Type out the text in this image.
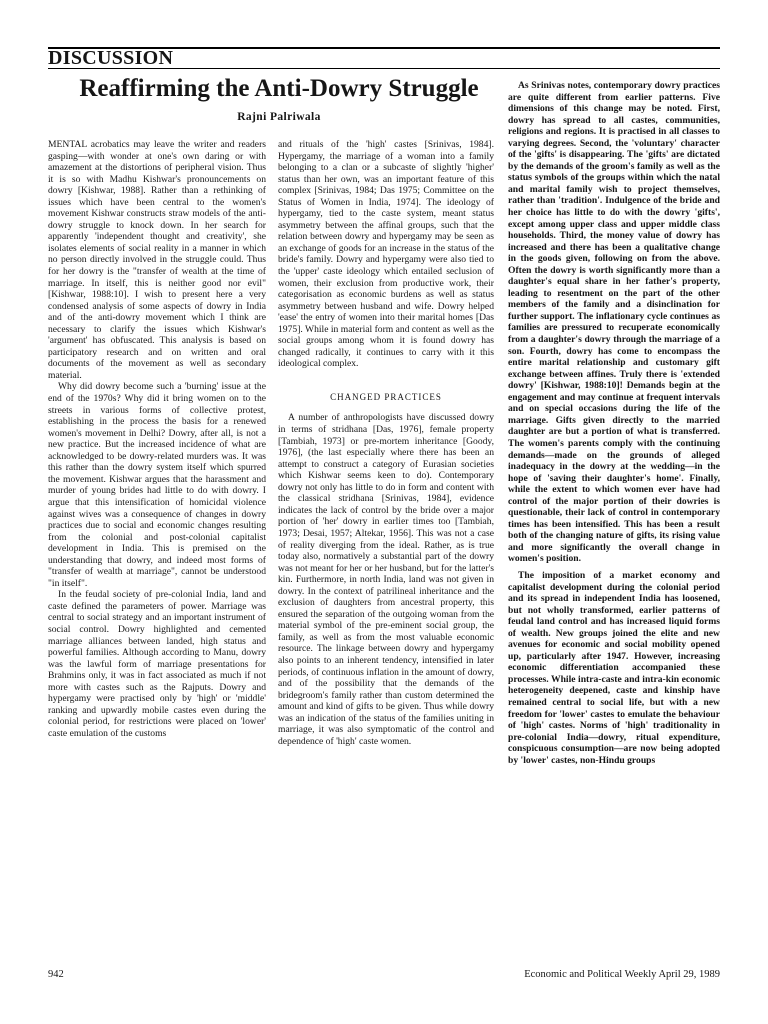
DISCUSSION
Reaffirming the Anti-Dowry Struggle
Rajni Palriwala

MENTAL acrobatics may leave the writer and readers gasping—with wonder at one's own daring or with amazement at the distortions of peripheral vision. Thus it is so with Madhu Kishwar's pronouncements on dowry [Kishwar, 1988]. Rather than a rethinking of issues which have been central to the women's movement Kishwar constructs straw models of the anti-dowry struggle to knock down. In her search for apparently 'independent thought and creativity', she isolates elements of social reality in a manner in which no person directly involved in the struggle could. Thus for her dowry is the "transfer of wealth at the time of marriage. In itself, this is neither good nor evil" [Kishwar, 1988:10]. I wish to present here a very condensed analysis of some aspects of dowry in India and of the anti-dowry movement which I think are necessary to clarify the issues which Kishwar's 'argument' has obfuscated. This analysis is based on participatory research and on written and oral documents of the movement as well as secondary material.

Why did dowry become such a 'burning' issue at the end of the 1970s? Why did it bring women on to the streets in various forms of collective protest, establishing in the process the basis for a renewed women's movement in Delhi? Dowry, after all, is not a new practice. But the increased incidence of what are acknowledged to be dowry-related murders was. It was this rather than the dowry system itself which spurred the movement. Kishwar argues that the harassment and murder of young brides had little to do with dowry. I argue that this intensification of homicidal violence against wives was a consequence of changes in dowry practices due to social and economic changes resulting from the colonial and post-colonial capitalist development in India. This is premised on the understanding that dowry, and indeed most forms of "transfer of wealth at marriage", cannot be understood "in itself".

In the feudal society of pre-colonial India, land and caste defined the parameters of power. Marriage was central to social strategy and an important instrument of social control. Dowry highlighted and cemented marriage alliances between landed, high status and powerful families. Although according to Manu, dowry was the lawful form of marriage presentations for Brahmins only, it was in fact associated as much if not more with castes such as the Rajputs. Dowry and hypergamy were practised only by 'high' or 'middle' ranking and upwardly mobile castes even during the colonial period, for restrictions were placed on 'lower' caste emulation of the customs

and rituals of the 'high' castes [Srinivas, 1984]. Hypergamy, the marriage of a woman into a family belonging to a clan or a subcaste of slightly 'higher' status than her own, was an important feature of this complex [Srinivas, 1984; Das 1975; Committee on the Status of Women in India, 1974]. The ideology of hypergamy, tied to the caste system, meant status asymmetry between the affinal groups, such that the relation between dowry and hypergamy may be seen as an exchange of goods for an increase in the status of the bride's family. Dowry and hypergamy were also tied to the 'upper' caste ideology which entailed seclusion of women, their exclusion from productive work, their categorisation as economic burdens as well as status asymmetry between husband and wife. Dowry helped 'ease' the entry of women into their marital homes [Das 1975]. While in material form and content as well as the social groups among whom it is found dowry has changed radically, it continues to carry with it this ideological complex.

CHANGED PRACTICES

A number of anthropologists have discussed dowry in terms of stridhana [Das, 1976], female property [Tambiah, 1973] or pre-mortem inheritance [Goody, 1976], (the last especially where there has been an attempt to construct a category of Eurasian societies which Kishwar seems keen to do). Contemporary dowry not only has little to do in form and content with the classical stridhana [Srinivas, 1984], evidence indicates the lack of control by the bride over a major portion of 'her' dowry in earlier times too [Tambiah, 1973; Desai, 1957; Altekar, 1956]. This was not a case of reality diverging from the ideal. Rather, as is true today also, normatively a substantial part of the dowry was not meant for her or her husband, but for the latter's kin. Furthermore, in north India, land was not given in dowry. In the context of patrilineal inheritance and the exclusion of daughters from ancestral property, this ensured the separation of the outgoing woman from the material symbol of the pre-eminent social group, the family, as well as from the most valuable economic resource. The linkage between dowry and hypergamy also points to an inherent tendency, intensified in later periods, of continuous inflation in the amount of dowry, and of the possibility that the demands of the bridegroom's family rather than custom determined the amount and kind of gifts to be given. Thus while dowry was an indication of the status of the families uniting in marriage, it was also symptomatic of the control and dependence of 'high' caste women.

As Srinivas notes, contemporary dowry practices are quite different from earlier patterns. Five dimensions of this change may be noted. First, dowry has spread to all castes, communities, religions and regions. It is practised in all classes to varying degrees. Second, the 'voluntary' character of the 'gifts' is disappearing. The 'gifts' are dictated by the demands of the groom's family as well as the status symbols of the groups within which the natal and marital family wish to project themselves, rather than 'tradition'. Indulgence of the bride and her choice has little to do with the dowry 'gifts', except among upper class and upper middle class households. Third, the money value of dowry has increased and there has been a qualitative change in the goods given, following on from the above. Often the dowry is worth significantly more than a daughter's equal share in her father's property, leading to resentment on the part of the other members of the family and a disinclination for further support. The inflationary cycle continues as families are pressured to recuperate economically from a daughter's dowry through the marriage of a son. Fourth, dowry has come to encompass the entire marital relationship and customary gift exchange between affines. Truly there is 'extended dowry' [Kishwar, 1988:10]! Demands begin at the engagement and may continue at frequent intervals and on special occasions during the life of the marriage. Gifts given directly to the married daughter are but a portion of what is transferred. The women's parents comply with the continuing demands—made on the grounds of alleged inadequacy in the dowry at the wedding—in the hope of 'saving their daughter's home'. Finally, while the extent to which women ever have had control of the major portion of their dowries is questionable, their lack of control in contemporary times has been intensified. This has been a result both of the changing nature of gifts, its rising value and more significantly the overall change in women's position.

The imposition of a market economy and capitalist development during the colonial period and its spread in independent India has loosened, but not wholly transformed, earlier patterns of feudal land control and has increased liquid forms of wealth. New groups joined the elite and new avenues for economic and social mobility opened up, particularly after 1947. However, increasing economic differentiation accompanied these processes. While intra-caste and intra-kin economic heterogeneity deepened, caste and kinship have remained central to social life, but with a new freedom for 'lower' castes to emulate the behaviour of 'high' castes. Norms of 'high' traditionality in pre-colonial India—dowry, ritual expenditure, conspicuous consumption—are now being adopted by 'lower' castes, non-Hindu groups

942	Economic and Political Weekly April 29, 1989
